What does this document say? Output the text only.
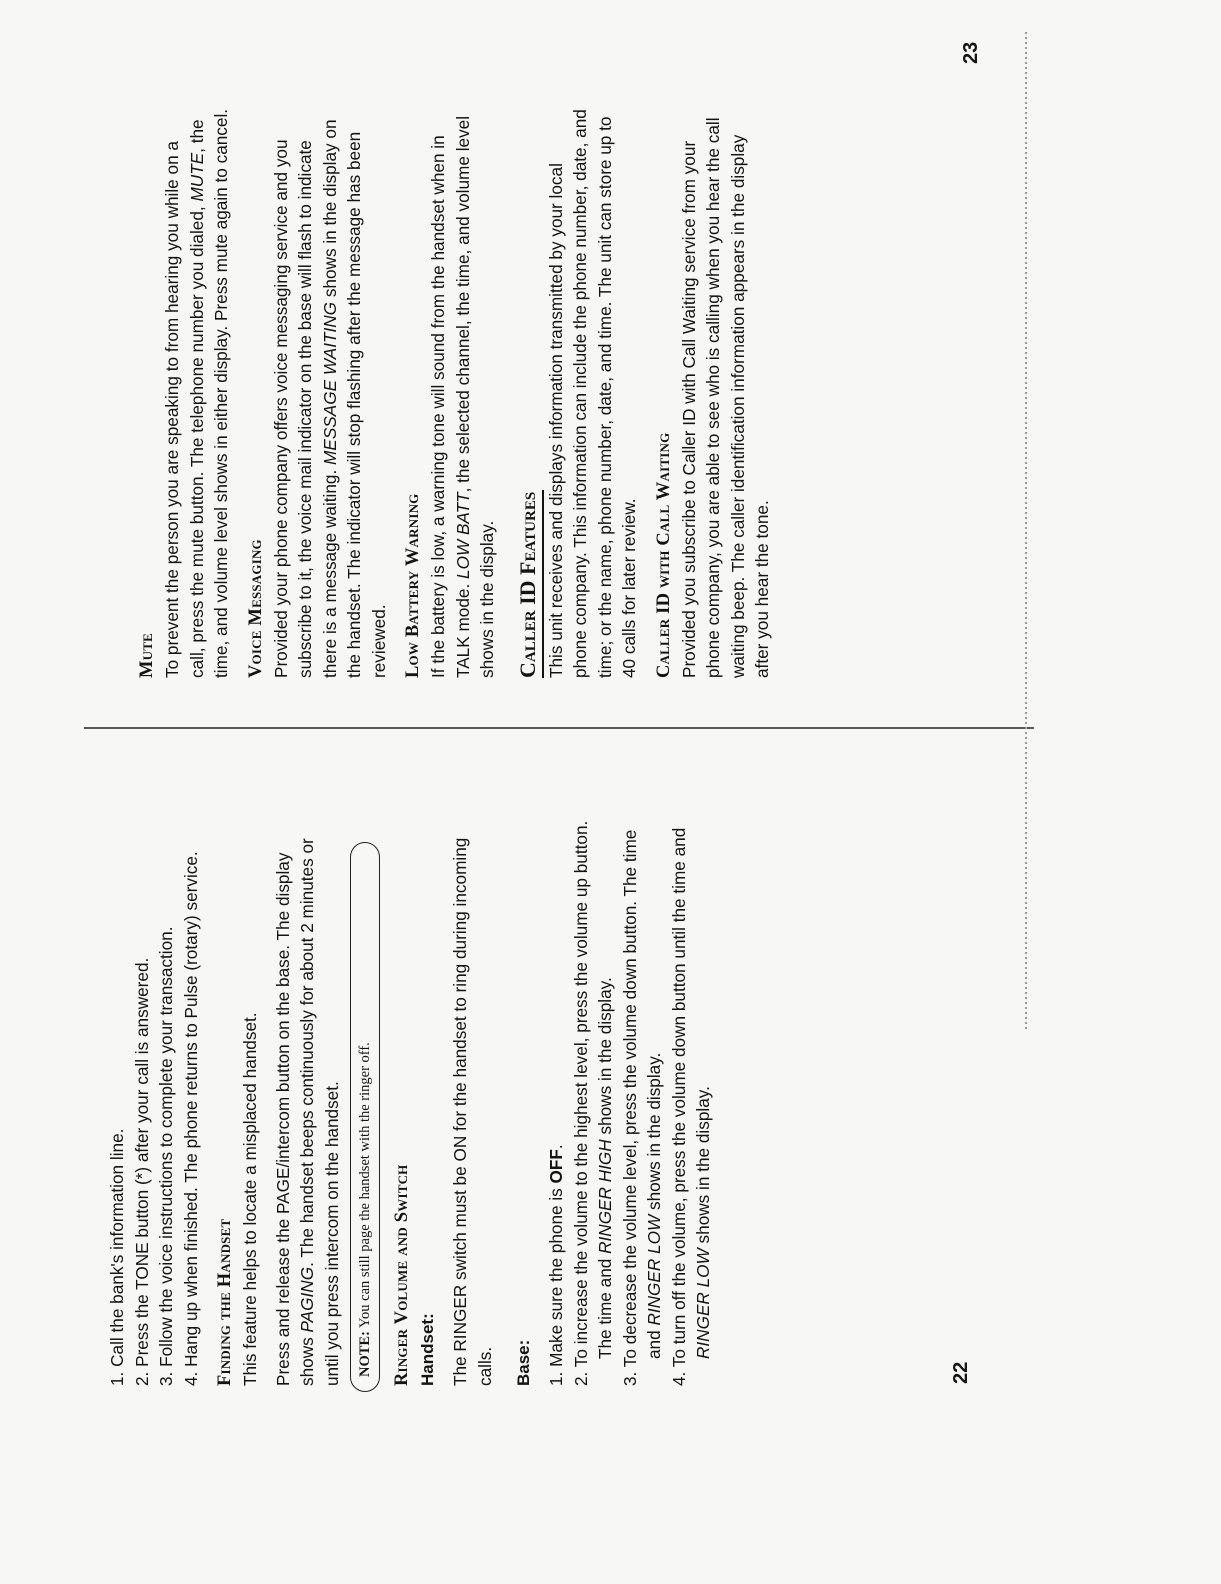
1. Call the bank's information line. 2. Press the TONE button (*) after your call is answered. 3. Follow the voice instructions to complete your transaction. 4. Hang up when finished. The phone returns to Pulse (rotary) service. Finding the Handset This feature helps to locate a misplaced handset. Press and release the PAGE/intercom button on the base. The display shows PAGING. The handset beeps continuously for about 2 minutes or until you press intercom on the handset.	NOTE: You can still page the handset with the ringer off.	Ringer Volume and Switch Handset: The RINGER switch must be ON for the handset to ring during incoming calls. Base: 1. Make sure the phone is OFF. 2. To increase the volume to the highest level, press the volume up button. The time and RINGER HIGH shows in the display. 3. To decrease the volume level, press the volume down button. The time and RINGER LOW shows in the display. 4. To turn off the volume, press the volume down button until the time and RINGER LOW shows in the display.

22

Mute To prevent the person you are speaking to from hearing you while on a call, press the mute button. The telephone number you dialed, MUTE, the time, and volume level shows in either display. Press mute again to cancel. Voice Messaging Provided your phone company offers voice messaging service and you subscribe to it, the voice mail indicator on the base will flash to indicate there is a message waiting. MESSAGE WAITING shows in the display on the handset. The indicator will stop flashing after the message has been reviewed. Low Battery Warning If the battery is low, a warning tone will sound from the handset when in TALK mode. LOW BATT, the selected channel, the time, and volume level

shows in the display. Caller ID Features This unit receives and displays information transmitted by your local phone company. This information can include the phone number, date, and time; or the name, phone number, date, and time. The unit can store up to 40 calls for later review. Caller ID with Call Waiting Provided you subscribe to Caller ID with Call Waiting service from your phone company, you are able to see who is calling when you hear the call waiting beep. The caller identification information appears in the display after you hear the tone.

23
